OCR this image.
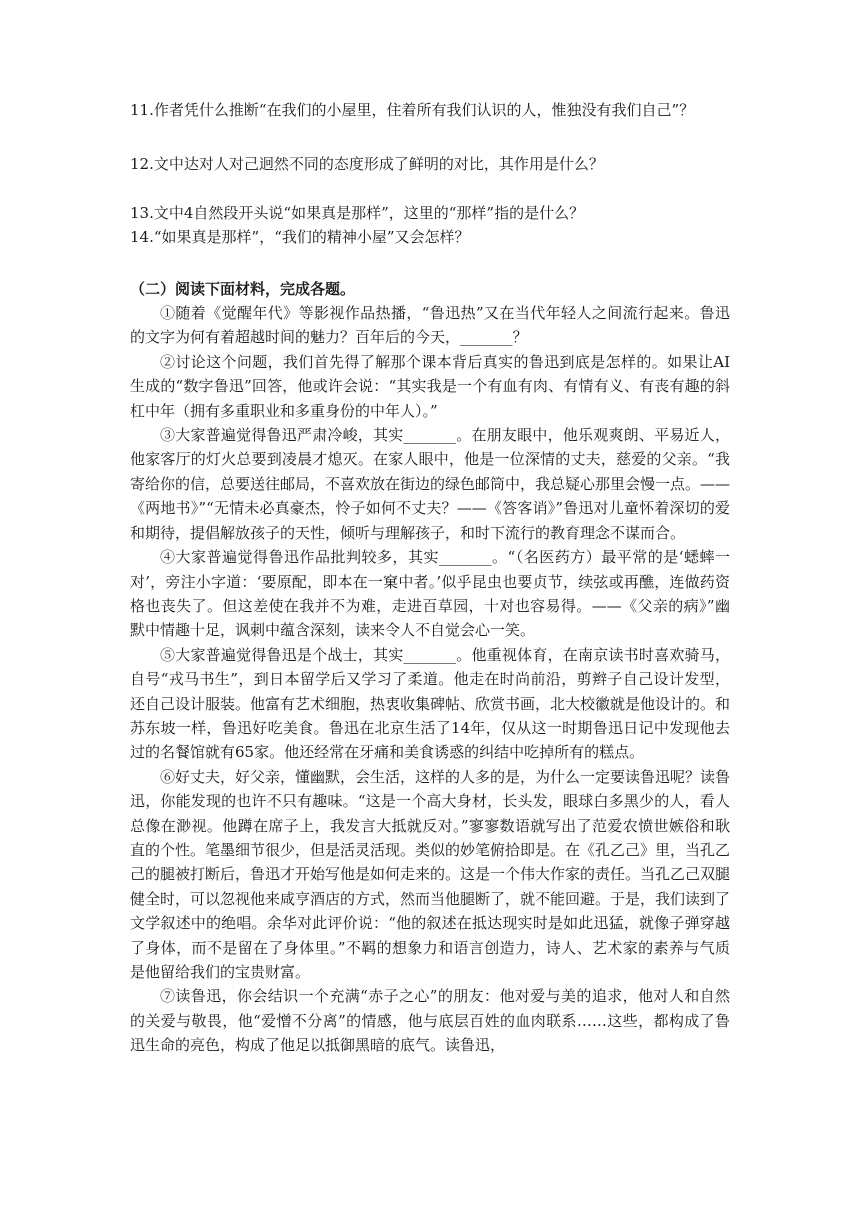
11.作者凭什么推断“在我们的小屋里，住着所有我们认识的人，惟独没有我们自己”？

12.文中达对人对己迥然不同的态度形成了鲜明的对比，其作用是什么？

13.文中4自然段开头说“如果真是那样”，这里的“那样”指的是什么？

14.“如果真是那样”，“我们的精神小屋”又会怎样？

（二）阅读下面材料，完成各题。

①随着《觉醒年代》等影视作品热播，“鲁迅热”又在当代年轻人之间流行起来。鲁迅的文字为何有着超越时间的魅力？百年后的今天，_______？

②讨论这个问题，我们首先得了解那个课本背后真实的鲁迅到底是怎样的。如果让AI生成的“数字鲁迅”回答，他或许会说：“其实我是一个有血有肉、有情有义、有丧有趣的斜杠中年（拥有多重职业和多重身份的中年人）。”

③大家普遍觉得鲁迅严肃冷峻，其实_______。在朋友眼中，他乐观爽朗、平易近人，他家客厅的灯火总要到凌晨才熄灭。在家人眼中，他是一位深情的丈夫，慈爱的父亲。“我寄给你的信，总要送往邮局，不喜欢放在街边的绿色邮筒中，我总疑心那里会慢一点。——《两地书》”“无情未必真豪杰，怜子如何不丈夫？——《答客诮》”鲁迅对儿童怀着深切的爱和期待，提倡解放孩子的天性，倾听与理解孩子，和时下流行的教育理念不谋而合。

④大家普遍觉得鲁迅作品批判较多，其实_______。“（名医药方）最平常的是‘蟋蟀一对’，旁注小字道：‘要原配，即本在一窠中者。’似乎昆虫也要贞节，续弦或再醮，连做药资格也丧失了。但这差使在我并不为难，走进百草园，十对也容易得。——《父亲的病》”幽默中情趣十足，讽刺中蕴含深刻，读来令人不自觉会心一笑。

⑤大家普遍觉得鲁迅是个战士，其实_______。他重视体育，在南京读书时喜欢骑马，自号“戎马书生”，到日本留学后又学习了柔道。他走在时尚前沿，剪辫子自己设计发型，还自己设计服装。他富有艺术细胞，热衷收集碑帖、欣赏书画，北大校徽就是他设计的。和苏东坡一样，鲁迅好吃美食。鲁迅在北京生活了14年，仅从这一时期鲁迅日记中发现他去过的名餐馆就有65家。他还经常在牙痛和美食诱惑的纠结中吃掉所有的糕点。

⑥好丈夫，好父亲，懂幽默，会生活，这样的人多的是，为什么一定要读鲁迅呢？读鲁迅，你能发现的也许不只有趣味。“这是一个高大身材，长头发，眼球白多黑少的人，看人总像在渺视。他蹲在席子上，我发言大抵就反对。”寥寥数语就写出了范爱农愤世嫉俗和耿直的个性。笔墨细节很少，但是活灵活现。类似的妙笔俯拾即是。在《孔乙己》里，当孔乙己的腿被打断后，鲁迅才开始写他是如何走来的。这是一个伟大作家的责任。当孔乙己双腿健全时，可以忽视他来咸亨酒店的方式，然而当他腿断了，就不能回避。于是，我们读到了文学叙述中的绝唱。余华对此评价说：“他的叙述在抵达现实时是如此迅猛，就像子弹穿越了身体，而不是留在了身体里。”不羁的想象力和语言创造力，诗人、艺术家的素养与气质是他留给我们的宝贵财富。

⑦读鲁迅，你会结识一个充满“赤子之心”的朋友：他对爱与美的追求，他对人和自然的关爱与敬畏，他“爱憎不分离”的情感，他与底层百姓的血肉联系……这些，都构成了鲁迅生命的亮色，构成了他足以抵御黑暗的底气。读鲁迅，
